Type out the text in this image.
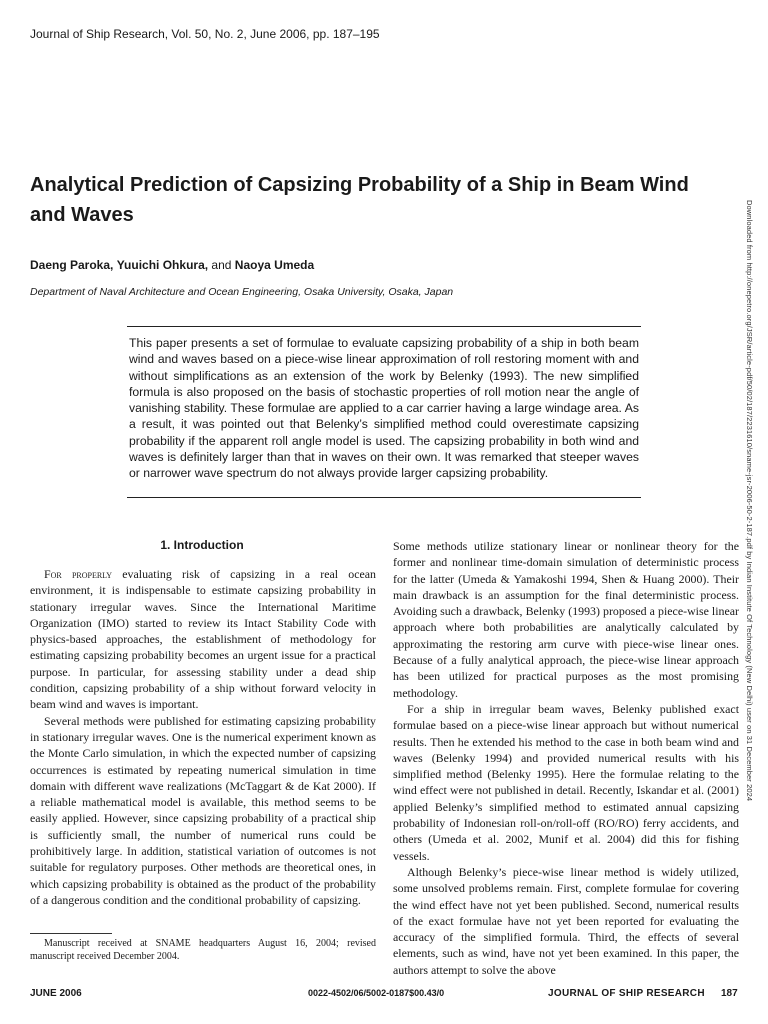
Journal of Ship Research, Vol. 50, No. 2, June 2006, pp. 187–195
Analytical Prediction of Capsizing Probability of a Ship in Beam Wind and Waves
Daeng Paroka, Yuuichi Ohkura, and Naoya Umeda
Department of Naval Architecture and Ocean Engineering, Osaka University, Osaka, Japan

This paper presents a set of formulae to evaluate capsizing probability of a ship in both beam wind and waves based on a piece-wise linear approximation of roll restoring moment with and without simplifications as an extension of the work by Belenky (1993). The new simplified formula is also proposed on the basis of stochastic properties of roll motion near the angle of vanishing stability. These formulae are applied to a car carrier having a large windage area. As a result, it was pointed out that Belenky’s simplified method could overestimate capsizing probability if the apparent roll angle model is used. The capsizing probability in both wind and waves is definitely larger than that in waves on their own. It was remarked that steeper waves or narrower wave spectrum do not always provide larger capsizing probability.	Downloaded from http://onepetro.org/JSR/article-pdf/50/02/187/2231610/sname-jsr-2006-50-2-187.pdf by Indian Institute Of Technology (New Delhi) user on 31 December 2024
1. Introduction

For properly evaluating risk of capsizing in a real ocean environment, it is indispensable to estimate capsizing probability in stationary irregular waves. Since the International Maritime Organization (IMO) started to review its Intact Stability Code with physics-based approaches, the establishment of methodology for estimating capsizing probability becomes an urgent issue for a practical purpose. In particular, for assessing stability under a dead ship condition, capsizing probability of a ship without forward velocity in beam wind and waves is important.

Several methods were published for estimating capsizing probability in stationary irregular waves. One is the numerical experiment known as the Monte Carlo simulation, in which the expected number of capsizing occurrences is estimated by repeating numerical simulation in time domain with different wave realizations (McTaggart & de Kat 2000). If a reliable mathematical model is available, this method seems to be easily applied. However, since capsizing probability of a practical ship is sufficiently small, the number of numerical runs could be prohibitively large. In addition, statistical variation of outcomes is not suitable for regulatory purposes. Other methods are theoretical ones, in which capsizing probability is obtained as the product of the probability of a dangerous condition and the conditional probability of capsizing.

Some methods utilize stationary linear or nonlinear theory for the former and nonlinear time-domain simulation of deterministic process for the latter (Umeda & Yamakoshi 1994, Shen & Huang 2000). Their main drawback is an assumption for the final deterministic process. Avoiding such a drawback, Belenky (1993) proposed a piece-wise linear approach where both probabilities are analytically calculated by approximating the restoring arm curve with piece-wise linear ones. Because of a fully analytical approach, the piece-wise linear approach has been utilized for practical purposes as the most promising methodology.

For a ship in irregular beam waves, Belenky published exact formulae based on a piece-wise linear approach but without numerical results. Then he extended his method to the case in both beam wind and waves (Belenky 1994) and provided numerical results with his simplified method (Belenky 1995). Here the formulae relating to the wind effect were not published in detail. Recently, Iskandar et al. (2001) applied Belenky’s simplified method to estimated annual capsizing probability of Indonesian roll-on/roll-off (RO/RO) ferry accidents, and others (Umeda et al. 2002, Munif et al. 2004) did this for fishing vessels.

Although Belenky’s piece-wise linear method is widely utilized, some unsolved problems remain. First, complete formulae for covering the wind effect have not yet been published. Second, numerical results of the exact formulae have not yet been reported for evaluating the accuracy of the simplified formula. Third, the effects of several elements, such as wind, have not yet been examined. In this paper, the authors attempt to solve the above

Manuscript received at SNAME headquarters August 16, 2004; revised manuscript received December 2004.

JUNE 2006	0022-4502/06/5002-0187$00.43/0	JOURNAL OF SHIP RESEARCH 187
